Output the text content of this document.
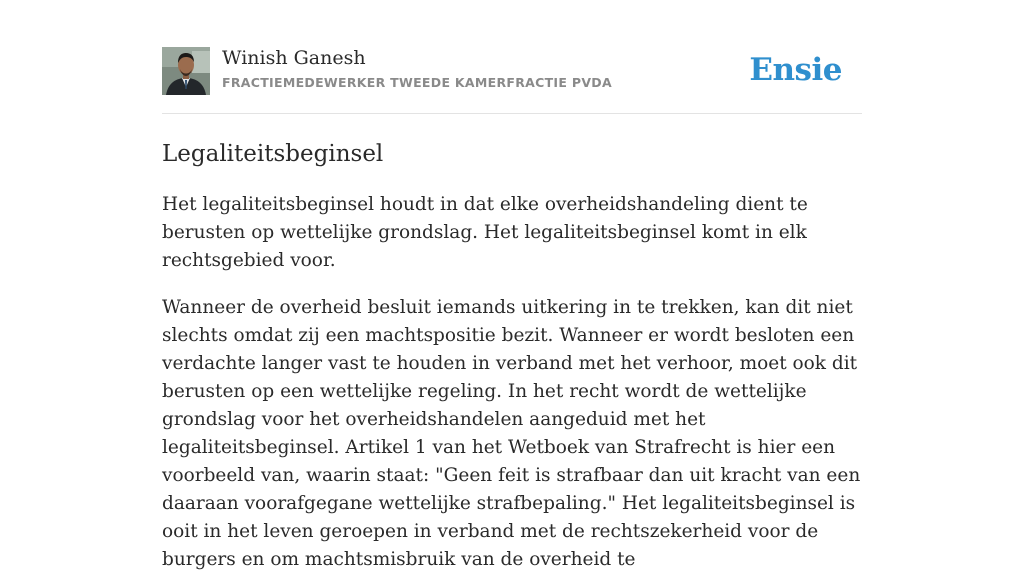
Winish Ganesh
FRACTIEMEDEWERKER TWEEDE KAMERFRACTIE PVDA	Ensie
Legaliteitsbeginsel

Het legaliteitsbeginsel houdt in dat elke overheidshandeling dient te berusten op wettelijke grondslag. Het legaliteitsbeginsel komt in elk rechtsgebied voor.

Wanneer de overheid besluit iemands uitkering in te trekken, kan dit niet slechts omdat zij een machtspositie bezit. Wanneer er wordt besloten een verdachte langer vast te houden in verband met het verhoor, moet ook dit berusten op een wettelijke regeling. In het recht wordt de wettelijke grondslag voor het overheidshandelen aangeduid met het legaliteitsbeginsel. Artikel 1 van het Wetboek van Strafrecht is hier een voorbeeld van, waarin staat: "Geen feit is strafbaar dan uit kracht van een daaraan voorafgegane wettelijke strafbepaling." Het legaliteitsbeginsel is ooit in het leven geroepen in verband met de rechtszekerheid voor de burgers en om machtsmisbruik van de overheid te
